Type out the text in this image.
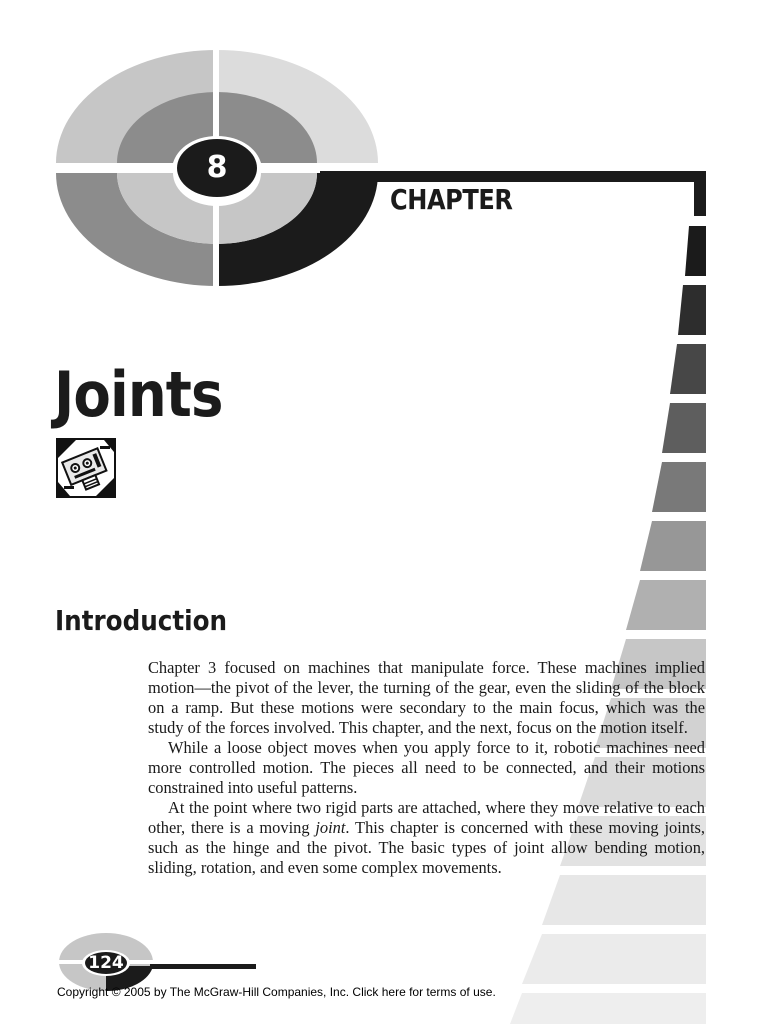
CHAPTER
8
Joints
Introduction

Chapter 3 focused on machines that manipulate force. These machines implied motion—the pivot of the lever, the turning of the gear, even the sliding of the block on a ramp. But these motions were secondary to the main focus, which was the study of the forces involved. This chapter, and the next, focus on the motion itself.

While a loose object moves when you apply force to it, robotic machines need more controlled motion. The pieces all need to be connected, and their motions constrained into useful patterns.

At the point where two rigid parts are attached, where they move relative to each other, there is a moving joint. This chapter is concerned with these moving joints, such as the hinge and the pivot. The basic types of joint allow bending motion, sliding, rotation, and even some complex movements.

124
Copyright © 2005 by The McGraw-Hill Companies, Inc. Click here for terms of use.
